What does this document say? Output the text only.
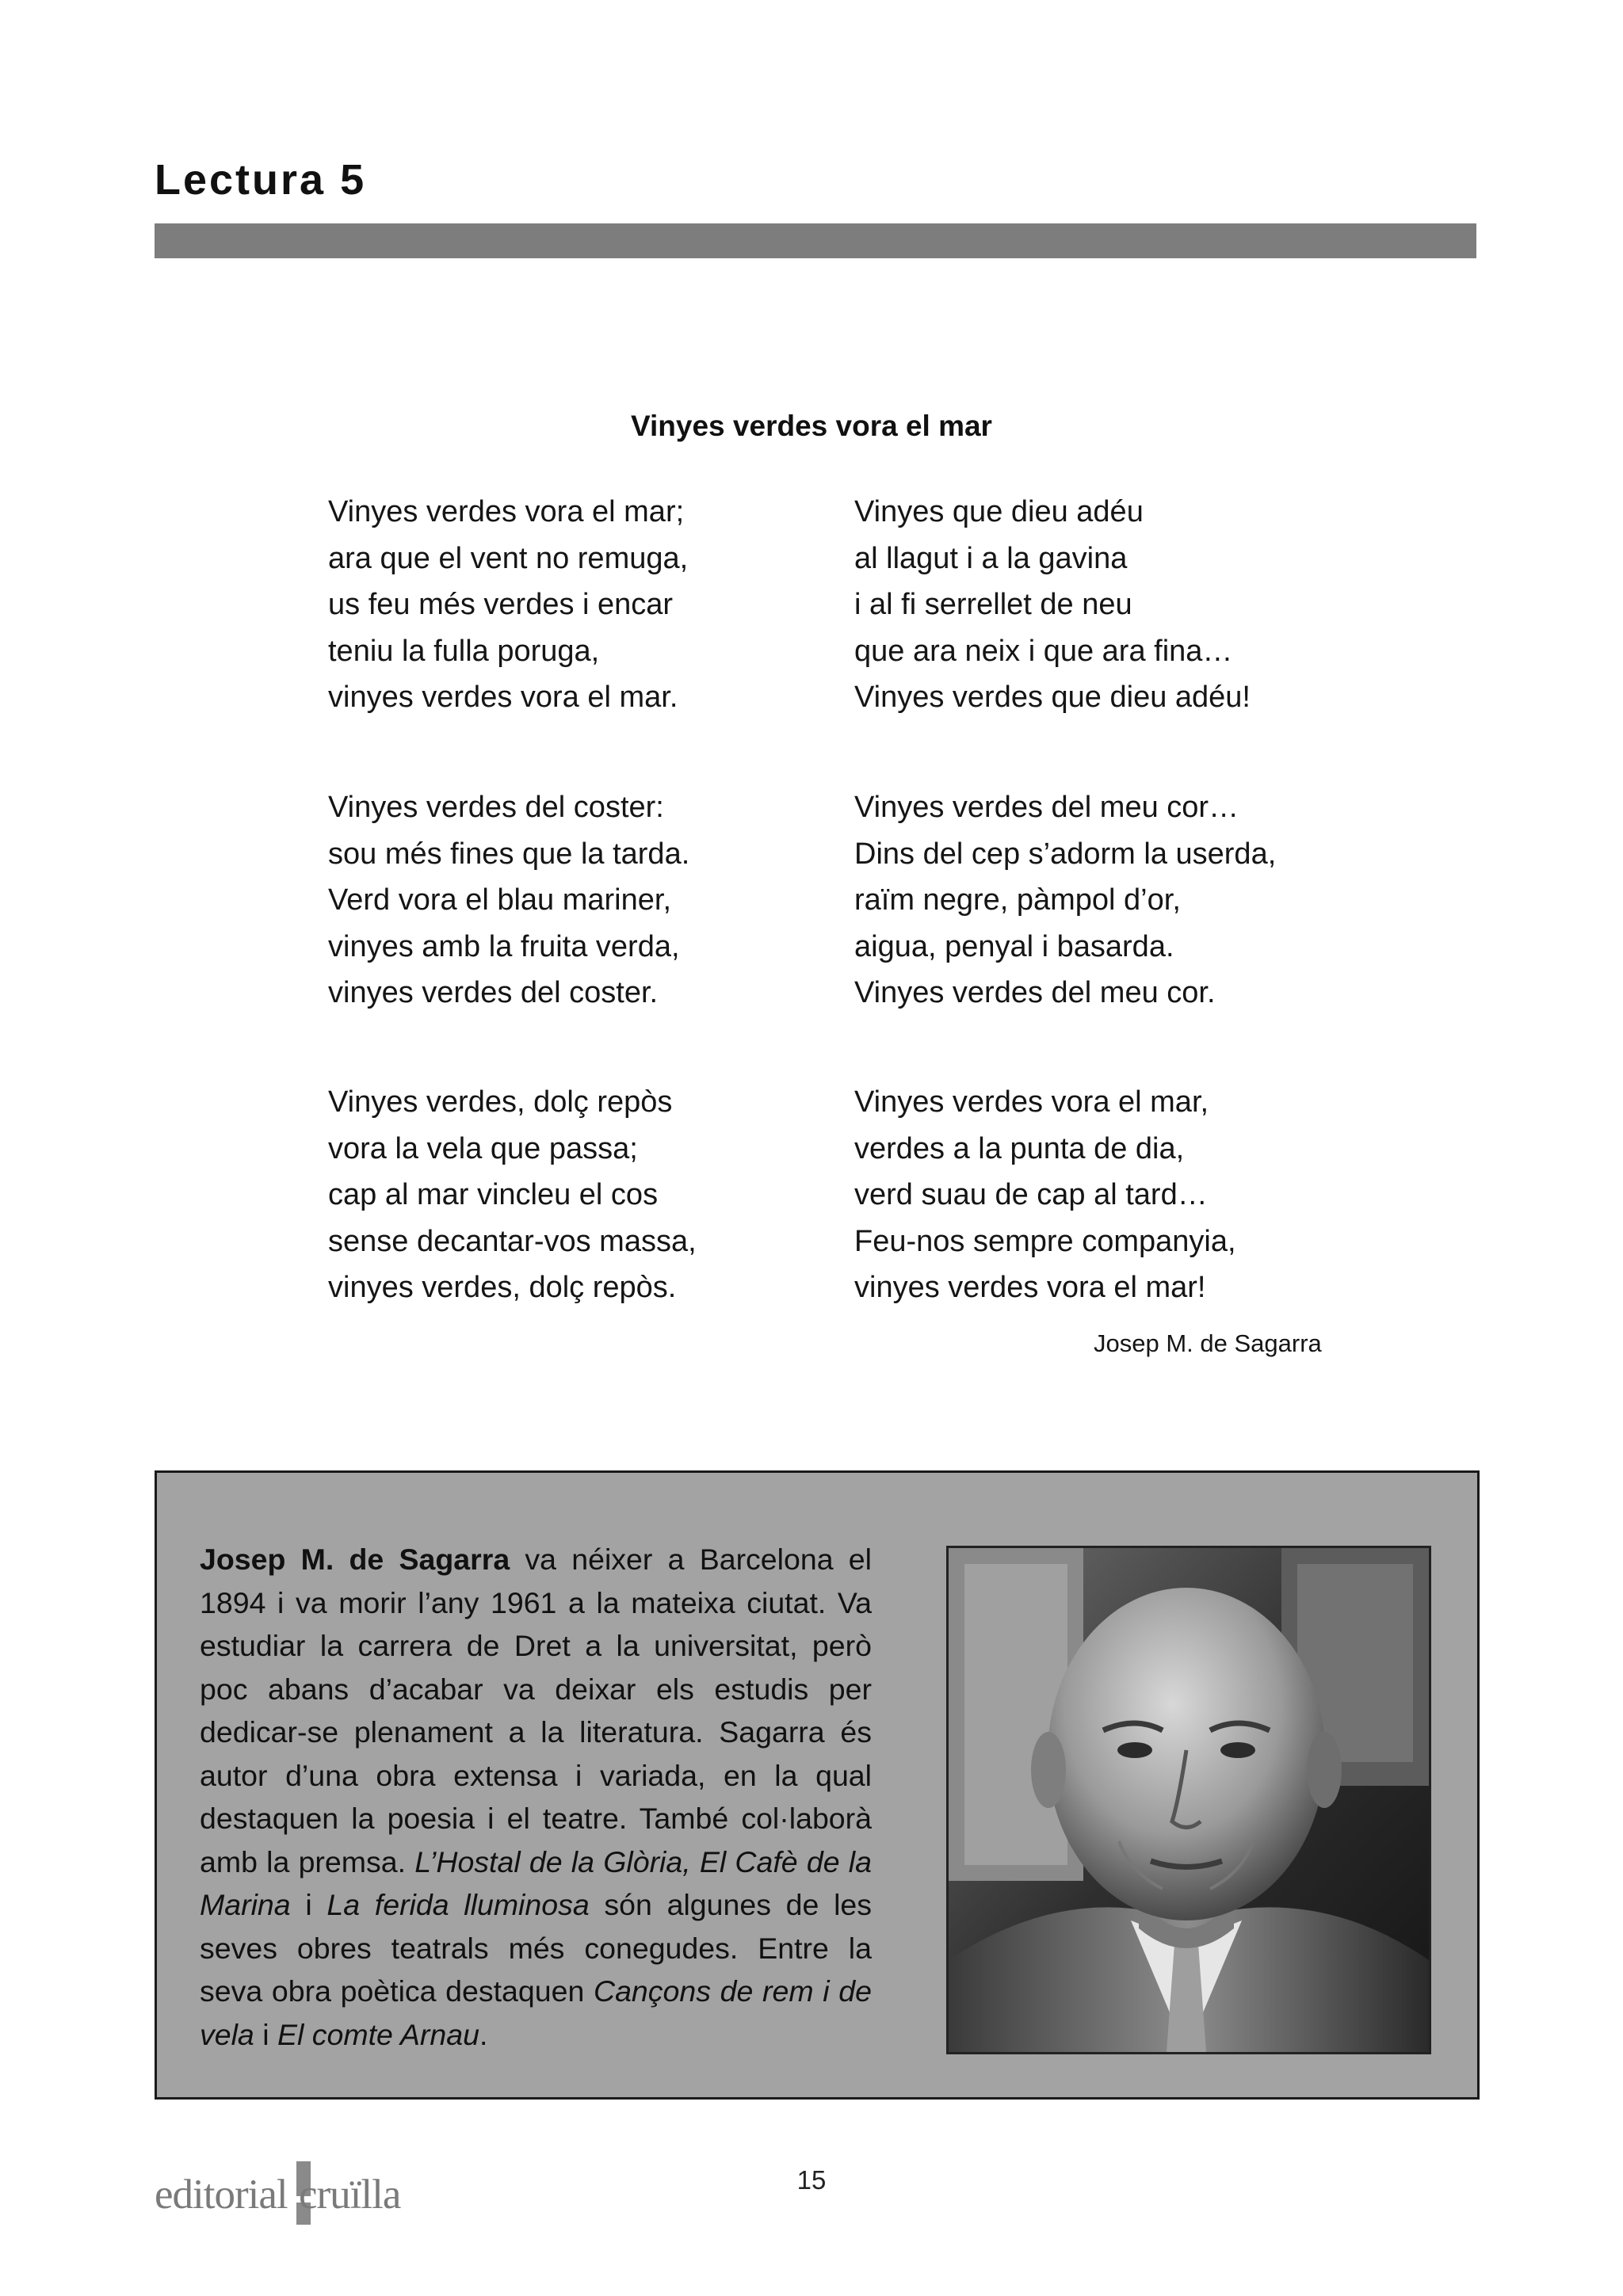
Lectura 5
Vinyes verdes vora el mar

Vinyes verdes vora el mar;
ara que el vent no remuga,
us feu més verdes i encar
teniu la fulla poruga,
vinyes verdes vora el mar.

Vinyes que dieu adéu
al llagut i a la gavina
i al fi serrellet de neu
que ara neix i que ara fina…
Vinyes verdes que dieu adéu!

Vinyes verdes del coster:
sou més fines que la tarda.
Verd vora el blau mariner,
vinyes amb la fruita verda,
vinyes verdes del coster.

Vinyes verdes del meu cor…
Dins del cep s’adorm la userda,
raïm negre, pàmpol d’or,
aigua, penyal i basarda.
Vinyes verdes del meu cor.

Vinyes verdes, dolç repòs
vora la vela que passa;
cap al mar vincleu el cos
sense decantar-vos massa,
vinyes verdes, dolç repòs.

Vinyes verdes vora el mar,
verdes a la punta de dia,
verd suau de cap al tard…
Feu-nos sempre companyia,
vinyes verdes vora el mar!

Josep M. de Sagarra

Josep M. de Sagarra va néixer a Barcelona el 1894 i va morir l’any 1961 a la mateixa ciutat. Va estudiar la carrera de Dret a la universitat, però poc abans d’acabar va deixar els estudis per dedicar-se plenament a la literatura. Sagarra és autor d’una obra extensa i variada, en la qual destaquen la poesia i el teatre. També col·laborà amb la premsa. L’Hostal de la Glòria, El Cafè de la Marina i La ferida lluminosa són algunes de les seves obres teatrals més conegudes. Entre la seva obra poètica destaquen Cançons de rem i de vela i El comte Arnau.

editorial cruïlla	15
